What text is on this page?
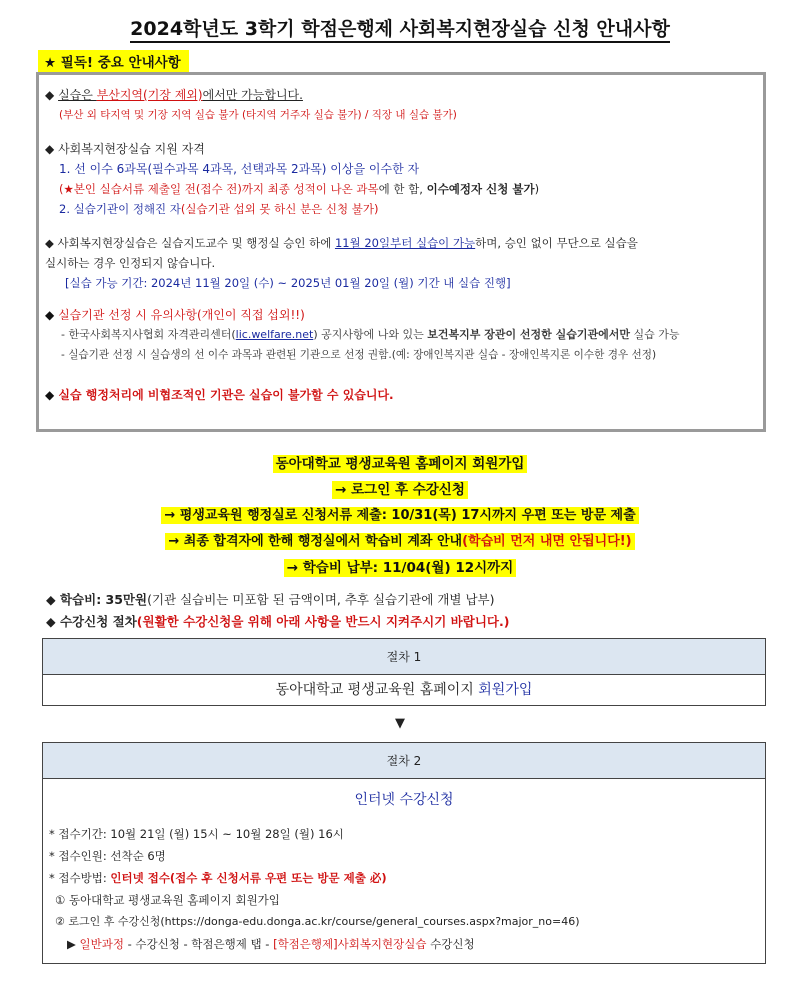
2024학년도 3학기 학점은행제 사회복지현장실습 신청 안내사항
★ 필독! 중요 안내사항
◆ 실습은 부산지역(기장 제외)에서만 가능합니다.
(부산 외 타지역 및 기장 지역 실습 불가 (타지역 거주자 실습 불가) / 직장 내 실습 불가)
◆ 사회복지현장실습 지원 자격
1. 선 이수 6과목(필수과목 4과목, 선택과목 2과목) 이상을 이수한 자
(★본인 실습서류 제출일 전(접수 전)까지 최종 성적이 나온 과목에 한 함, 이수예정자 신청 불가)
2. 실습기관이 정해진 자(실습기관 섭외 못 하신 분은 신청 불가)
◆ 사회복지현장실습은 실습지도교수 및 행정실 승인 하에 11월 20일부터 실습이 가능하며, 승인 없이 무단으로 실습을
실시하는 경우 인정되지 않습니다.
[실습 가능 기간: 2024년 11월 20일 (수) ~ 2025년 01월 20일 (월) 기간 내 실습 진행]
◆ 실습기관 선정 시 유의사항(개인이 직접 섭외!!)
- 한국사회복지사협회 자격관리센터(lic.welfare.net) 공지사항에 나와 있는 보건복지부 장관이 선정한 실습기관에서만 실습 가능
- 실습기관 선정 시 실습생의 선 이수 과목과 관련된 기관으로 선정 권함.(예: 장애인복지관 실습 - 장애인복지론 이수한 경우 선정)
◆ 실습 행정처리에 비협조적인 기관은 실습이 불가할 수 있습니다.
동아대학교 평생교육원 홈페이지 회원가입
→ 로그인 후 수강신청
→ 평생교육원 행정실로 신청서류 제출: 10/31(목) 17시까지 우편 또는 방문 제출
→ 최종 합격자에 한해 행정실에서 학습비 계좌 안내(학습비 먼저 내면 안됩니다!)
→ 학습비 납부: 11/04(월) 12시까지
◆ 학습비: 35만원(기관 실습비는 미포함 된 금액이며, 추후 실습기관에 개별 납부)
◆ 수강신청 절차(원활한 수강신청을 위해 아래 사항을 반드시 지켜주시기 바랍니다.)
절차 1
동아대학교 평생교육원 홈페이지 회원가입
▼
절차 2
인터넷 수강신청
* 접수기간: 10월 21일 (월) 15시 ~ 10월 28일 (월) 16시
* 접수인원: 선착순 6명
* 접수방법: 인터넷 접수(접수 후 신청서류 우편 또는 방문 제출 必)
① 동아대학교 평생교육원 홈페이지 회원가입
② 로그인 후 수강신청(https://donga-edu.donga.ac.kr/course/general_courses.aspx?major_no=46)
▶ 일반과정 - 수강신청 - 학점은행제 탭 - [학점은행제]사회복지현장실습 수강신청
